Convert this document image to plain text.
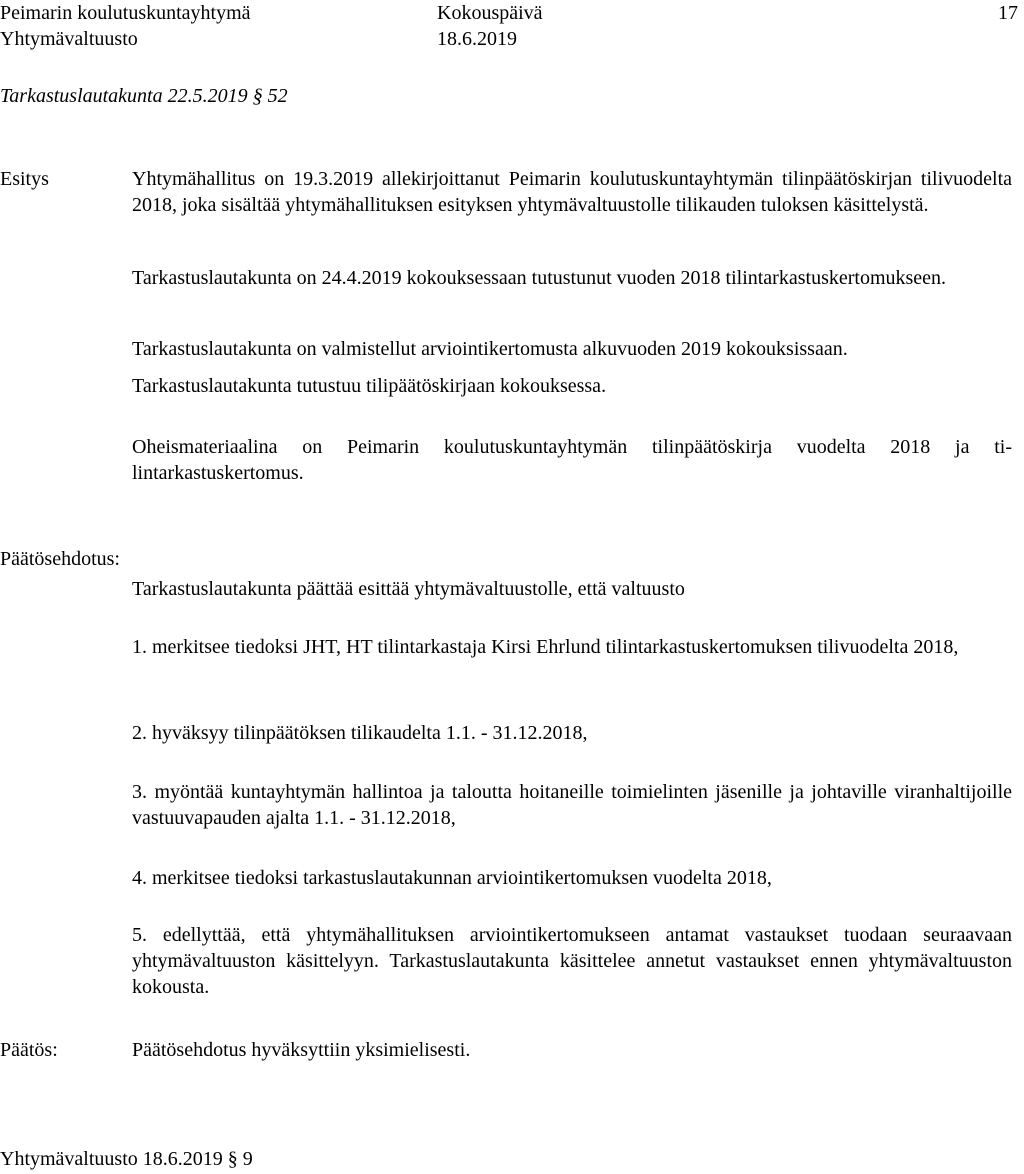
Peimarin koulutuskuntayhtymä
Yhtymävaltuusto
Kokouspäivä
18.6.2019
17
Tarkastuslautakunta 22.5.2019 § 52
Esitys	Yhtymähallitus on 19.3.2019 allekirjoittanut Peimarin koulutuskuntayhtymän tilinpäätöskirjan tilivuodelta 2018, joka sisältää yhtymähallituksen esityksen yhtymävaltuustolle tilikauden tuloksen käsittelystä.
Tarkastuslautakunta on 24.4.2019 kokouksessaan tutustunut vuoden 2018 tilintarkastuskertomukseen.
Tarkastuslautakunta on valmistellut arviointikertomusta alkuvuoden 2019 kokouksissaan.
Tarkastuslautakunta tutustuu tilipäätöskirjaan kokouksessa.
Oheismateriaalina on Peimarin koulutuskuntayhtymän tilinpäätöskirja vuodelta 2018 ja tilintarkastuskertomus.
Päätösehdotus:
Tarkastuslautakunta päättää esittää yhtymävaltuustolle, että valtuusto
1. merkitsee tiedoksi JHT, HT tilintarkastaja Kirsi Ehrlund tilintarkastuskertomuksen tilivuodelta 2018,
2. hyväksyy tilinpäätöksen tilikaudelta 1.1. - 31.12.2018,
3. myöntää kuntayhtymän hallintoa ja taloutta hoitaneille toimielinten jäsenille ja johtaville viranhaltijoille vastuuvapauden ajalta 1.1. - 31.12.2018,
4. merkitsee tiedoksi tarkastuslautakunnan arviointikertomuksen vuodelta 2018,
5. edellyttää, että yhtymähallituksen arviointikertomukseen antamat vastaukset tuodaan seuraavaan yhtymävaltuuston käsittelyyn. Tarkastuslautakunta käsittelee annetut vastaukset ennen yhtymävaltuuston kokousta.
Päätös:	Päätösehdotus hyväksyttiin yksimielisesti.
Yhtymävaltuusto 18.6.2019 § 9
